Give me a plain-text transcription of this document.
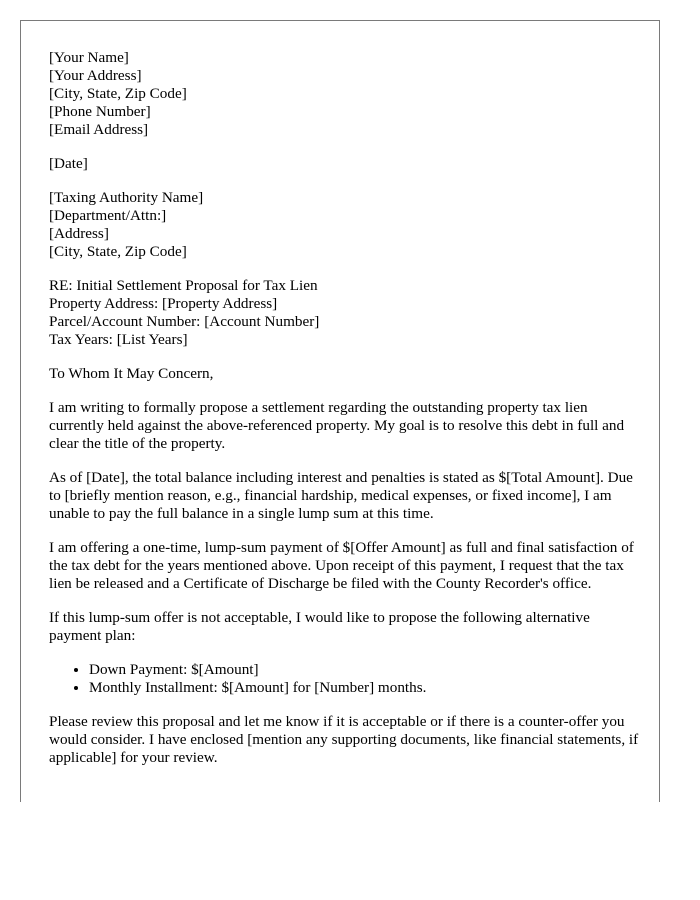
[Your Name]
[Your Address]
[City, State, Zip Code]
[Phone Number]
[Email Address]
[Date]
[Taxing Authority Name]
[Department/Attn:]
[Address]
[City, State, Zip Code]
RE: Initial Settlement Proposal for Tax Lien
Property Address: [Property Address]
Parcel/Account Number: [Account Number]
Tax Years: [List Years]

To Whom It May Concern,

I am writing to formally propose a settlement regarding the outstanding property tax lien currently held against the above-referenced property. My goal is to resolve this debt in full and clear the title of the property.

As of [Date], the total balance including interest and penalties is stated as $[Total Amount]. Due to [briefly mention reason, e.g., financial hardship, medical expenses, or fixed income], I am unable to pay the full balance in a single lump sum at this time.

I am offering a one-time, lump-sum payment of $[Offer Amount] as full and final satisfaction of the tax debt for the years mentioned above. Upon receipt of this payment, I request that the tax lien be released and a Certificate of Discharge be filed with the County Recorder's office.

If this lump-sum offer is not acceptable, I would like to propose the following alternative payment plan:

• Down Payment: $[Amount]
• Monthly Installment: $[Amount] for [Number] months.

Please review this proposal and let me know if it is acceptable or if there is a counter-offer you would consider. I have enclosed [mention any supporting documents, like financial statements, if applicable] for your review.
